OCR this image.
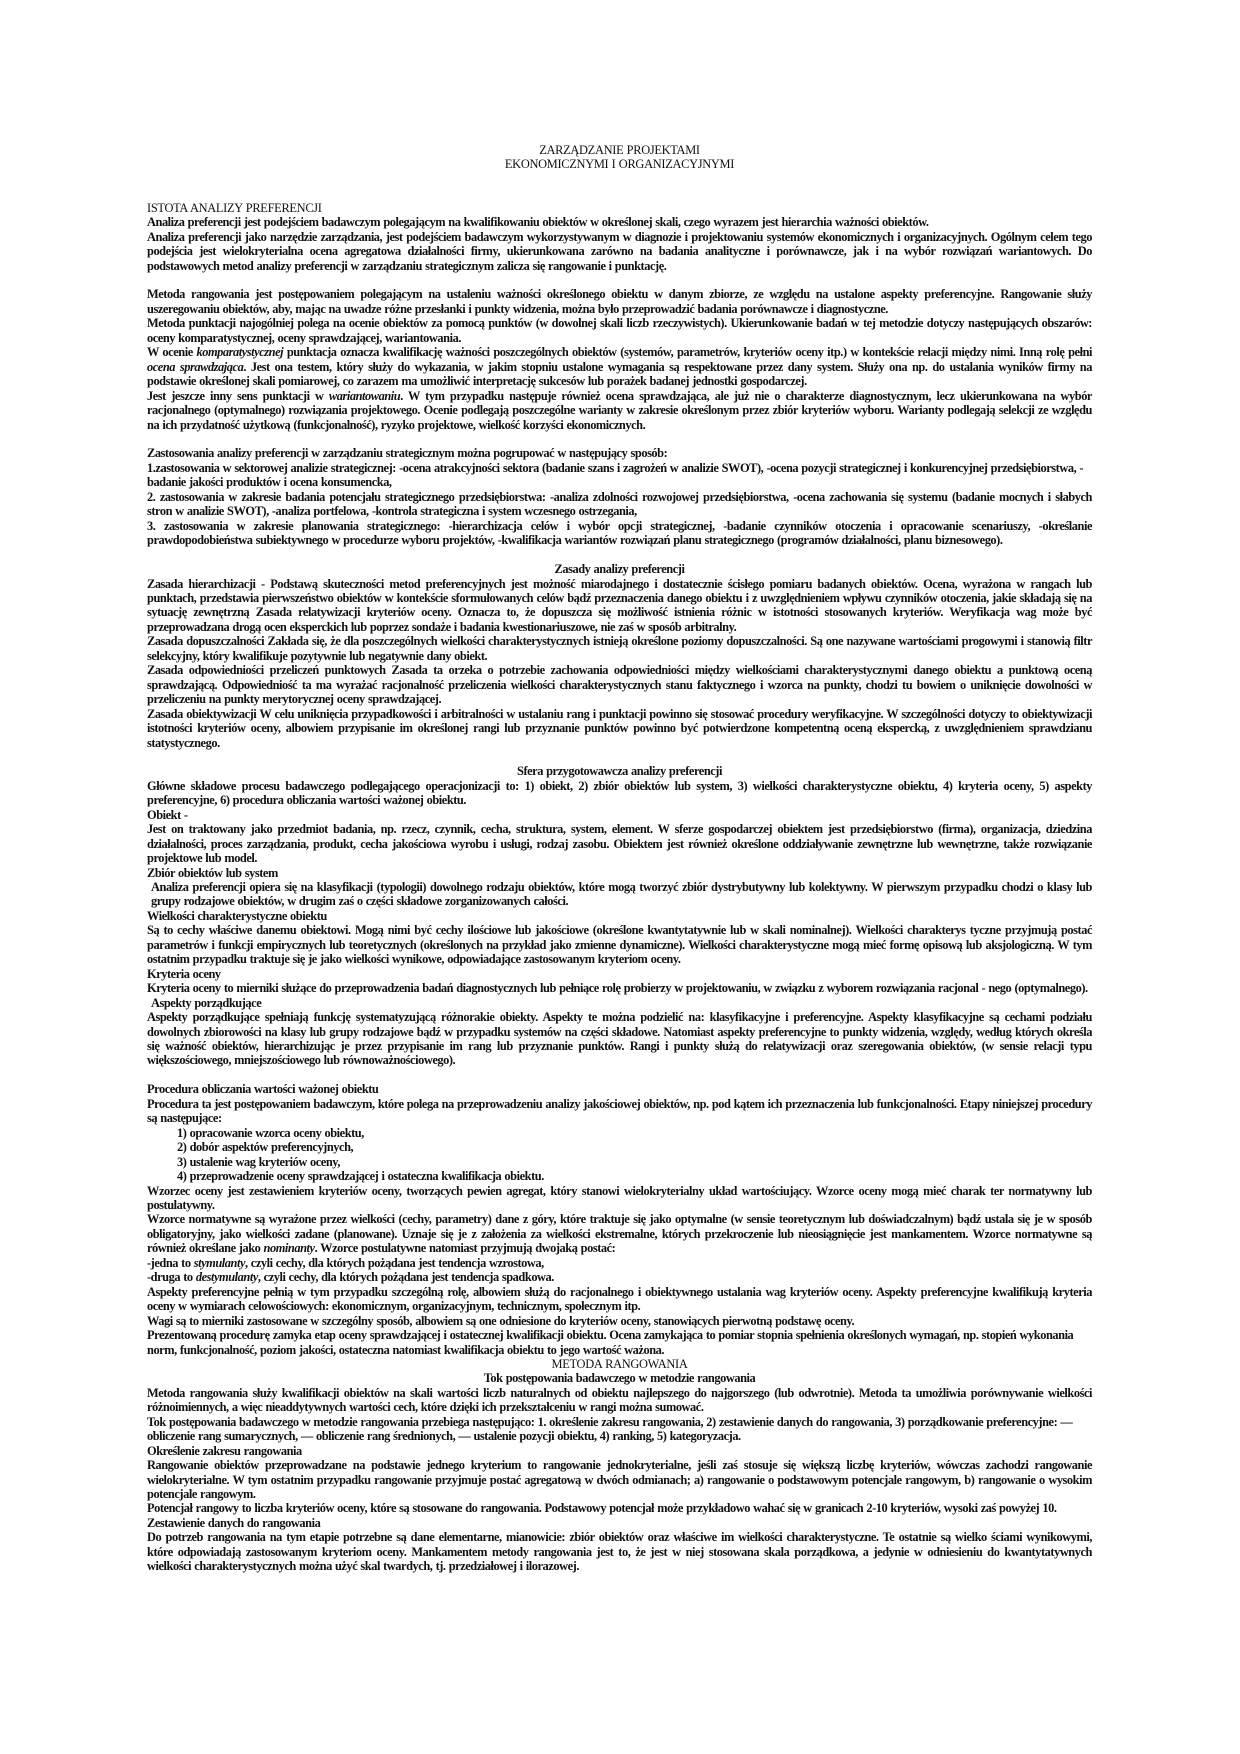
ZARZĄDZANIE PROJEKTAMI
EKONOMICZNYMI I ORGANIZACYJNYMI

ISTOTA ANALIZY PREFERENCJI

Analiza preferencji jest podejściem badawczym polegającym na kwalifikowaniu obiektów w określonej skali, czego wyrazem jest hierarchia ważności obiektów.

Analiza preferencji jako narzędzie zarządzania, jest podejściem badawczym wykorzystywanym w diagnozie i projektowaniu systemów ekonomicznych i organizacyjnych. Ogólnym celem tego podejścia jest wielokryterialna ocena agregatowa działalności firmy, ukierunkowana zarówno na badania analityczne i porównawcze, jak i na wybór rozwiązań wariantowych. Do podstawowych metod analizy preferencji w zarządzaniu strategicznym zalicza się rangowanie i punktację.

Metoda rangowania jest postępowaniem polegającym na ustaleniu ważności określonego obiektu w danym zbiorze, ze względu na ustalone aspekty preferencyjne. Rangowanie służy uszeregowaniu obiektów, aby, mając na uwadze różne przesłanki i punkty widzenia, można było przeprowadzić badania porównawcze i diagnostyczne.

Metoda punktacji najogólniej polega na ocenie obiektów za pomocą punktów (w dowolnej skali liczb rzeczywistych). Ukierunkowanie badań w tej metodzie dotyczy następujących obszarów: oceny komparatystycznej, oceny sprawdzającej, wariantowania.

W ocenie komparatystycznej punktacja oznacza kwalifikację ważności poszczególnych obiektów (systemów, parametrów, kryteriów oceny itp.) w kontekście relacji między nimi. Inną rolę pełni ocena sprawdzająca. Jest ona testem, który służy do wykazania, w jakim stopniu ustalone wymagania są respektowane przez dany system. Służy ona np. do ustalania wyników firmy na podstawie określonej skali pomiarowej, co zarazem ma umożliwić interpretację sukcesów lub porażek badanej jednostki gospodarczej.

Jest jeszcze inny sens punktacji w wariantowaniu. W tym przypadku następuje również ocena sprawdzająca, ale już nie o charakterze diagnostycznym, lecz ukierunkowana na wybór racjonalnego (optymalnego) rozwiązania projektowego. Ocenie podlegają poszczególne warianty w zakresie określonym przez zbiór kryteriów wyboru. Warianty podlegają selekcji ze względu na ich przydatność użytkową (funkcjonalność), ryzyko projektowe, wielkość korzyści ekonomicznych.

Zastosowania analizy preferencji w zarządzaniu strategicznym można pogrupować w następujący sposób:

1.zastosowania w sektorowej analizie strategicznej: -ocena atrakcyjności sektora (badanie szans i zagrożeń w analizie SWOT), -ocena pozycji strategicznej i konkurencyjnej przedsiębiorstwa, -badanie jakości produktów i ocena konsumencka,

2. zastosowania w zakresie badania potencjału strategicznego przedsiębiorstwa: -analiza zdolności rozwojowej przedsiębiorstwa, -ocena zachowania się systemu (badanie mocnych i słabych stron w analizie SWOT), -analiza portfelowa, -kontrola strategiczna i system wczesnego ostrzegania,

3. zastosowania w zakresie planowania strategicznego: -hierarchizacja celów i wybór opcji strategicznej, -badanie czynników otoczenia i opracowanie scenariuszy, -określanie prawdopodobieństwa subiektywnego w procedurze wyboru projektów, -kwalifikacja wariantów rozwiązań planu strategicznego (programów działalności, planu biznesowego).

Zasady analizy preferencji

Zasada hierarchizacji - Podstawą skuteczności metod preferencyjnych jest możność miarodajnego i dostatecznie ścisłego pomiaru badanych obiektów. Ocena, wyrażona w rangach lub punktach, przedstawia pierwszeństwo obiektów w kontekście sformułowanych celów bądź przeznaczenia danego obiektu i z uwzględnieniem wpływu czynników otoczenia, jakie składają się na sytuację zewnętrzną Zasada relatywizacji kryteriów oceny. Oznacza to, że dopuszcza się możliwość istnienia różnic w istotności stosowanych kryteriów. Weryfikacja wag może być przeprowadzana drogą ocen eksperckich lub poprzez sondaże i badania kwestionariuszowe, nie zaś w sposób arbitralny.

Zasada dopuszczalności Zakłada się, że dla poszczególnych wielkości charakterystycznych istnieją określone poziomy dopuszczalności. Są one nazywane wartościami progowymi i stanowią filtr selekcyjny, który kwalifikuje pozytywnie lub negatywnie dany obiekt.

Zasada odpowiedniości przeliczeń punktowych Zasada ta orzeka o potrzebie zachowania odpowiedniości między wielkościami charakterystycznymi danego obiektu a punktową oceną sprawdzającą. Odpowiedniość ta ma wyrażać racjonalność przeliczenia wielkości charakterystycznych stanu faktycznego i wzorca na punkty, chodzi tu bowiem o uniknięcie dowolności w przeliczeniu na punkty merytorycznej oceny sprawdzającej.

Zasada obiektywizacji W celu uniknięcia przypadkowości i arbitralności w ustalaniu rang i punktacji powinno się stosować procedury weryfikacyjne. W szczególności dotyczy to obiektywizacji istotności kryteriów oceny, albowiem przypisanie im określonej rangi lub przyznanie punktów powinno być potwierdzone kompetentną oceną ekspercką, z uwzględnieniem sprawdzianu statystycznego.

Sfera przygotowawcza analizy preferencji

Główne składowe procesu badawczego podlegającego operacjonizacji to: 1) obiekt, 2) zbiór obiektów lub system, 3) wielkości charakterystyczne obiektu, 4) kryteria oceny, 5) aspekty preferencyjne, 6) procedura obliczania wartości ważonej obiektu.

Obiekt -

Jest on traktowany jako przedmiot badania, np. rzecz, czynnik, cecha, struktura, system, element. W sferze gospodarczej obiektem jest przedsiębiorstwo (firma), organizacja, dziedzina działalności, proces zarządzania, produkt, cecha jakościowa wyrobu i usługi, rodzaj zasobu. Obiektem jest również określone oddziaływanie zewnętrzne lub wewnętrzne, także rozwiązanie projektowe lub model.

Zbiór obiektów lub system

Analiza preferencji opiera się na klasyfikacji (typologii) dowolnego rodzaju obiektów, które mogą tworzyć zbiór dystrybutywny lub kolektywny. W pierwszym przypadku chodzi o klasy lub grupy rodzajowe obiektów, w drugim zaś o części składowe zorganizowanych całości.

Wielkości charakterystyczne obiektu

Są to cechy właściwe danemu obiektowi. Mogą nimi być cechy ilościowe lub jakościowe (określone kwantytatywnie lub w skali nominalnej). Wielkości charakterys tyczne przyjmują postać parametrów i funkcji empirycznych lub teoretycznych (określonych na przykład jako zmienne dynamiczne). Wielkości charakterystyczne mogą mieć formę opisową lub aksjologiczną. W tym ostatnim przypadku traktuje się je jako wielkości wynikowe, odpowiadające zastosowanym kryteriom oceny.

Kryteria oceny

Kryteria oceny to mierniki służące do przeprowadzenia badań diagnostycznych lub pełniące rolę probierzy w projektowaniu, w związku z wyborem rozwiązania racjonal - nego (optymalnego).

Aspekty porządkujące

Aspekty porządkujące spełniają funkcję systematyzującą różnorakie obiekty. Aspekty te można podzielić na: klasyfikacyjne i preferencyjne. Aspekty klasyfikacyjne są cechami podziału dowolnych zbiorowości na klasy lub grupy rodzajowe bądź w przypadku systemów na części składowe. Natomiast aspekty preferencyjne to punkty widzenia, względy, według których określa się ważność obiektów, hierarchizując je przez przypisanie im rang lub przyznanie punktów. Rangi i punkty służą do relatywizacji oraz szeregowania obiektów, (w sensie relacji typu większościowego, mniejszościowego lub równoważnościowego).

Procedura obliczania wartości ważonej obiektu

Procedura ta jest postępowaniem badawczym, które polega na przeprowadzeniu analizy jakościowej obiektów, np. pod kątem ich przeznaczenia lub funkcjonalności. Etapy niniejszej procedury są następujące:

1) opracowanie wzorca oceny obiektu,

2) dobór aspektów preferencyjnych,

3) ustalenie wag kryteriów oceny,

4) przeprowadzenie oceny sprawdzającej i ostateczna kwalifikacja obiektu.

Wzorzec oceny jest zestawieniem kryteriów oceny, tworzących pewien agregat, który stanowi wielokryterialny układ wartościujący. Wzorce oceny mogą mieć charak ter normatywny lub postulatywny.

Wzorce normatywne są wyrażone przez wielkości (cechy, parametry) dane z góry, które traktuje się jako optymalne (w sensie teoretycznym lub doświadczalnym) bądź ustala się je w sposób obligatoryjny, jako wielkości zadane (planowane). Uznaje się je z założenia za wielkości ekstremalne, których przekroczenie lub nieosiągnięcie jest mankamentem. Wzorce normatywne są również określane jako nominanty. Wzorce postulatywne natomiast przyjmują dwojaką postać:

-jedna to stymulanty, czyli cechy, dla których pożądana jest tendencja wzrostowa,

-druga to destymulanty, czyli cechy, dla których pożądana jest tendencja spadkowa.

Aspekty preferencyjne pełnią w tym przypadku szczególną rolę, albowiem służą do racjonalnego i obiektywnego ustalania wag kryteriów oceny. Aspekty preferencyjne kwalifikują kryteria oceny w wymiarach celowościowych: ekonomicznym, organizacyjnym, technicznym, społecznym itp.

Wagi są to mierniki zastosowane w szczególny sposób, albowiem są one odniesione do kryteriów oceny, stanowiących pierwotną podstawę oceny.

Prezentowaną procedurę zamyka etap oceny sprawdzającej i ostatecznej kwalifikacji obiektu. Ocena zamykająca to pomiar stopnia spełnienia określonych wymagań, np. stopień wykonania norm, funkcjonalność, poziom jakości, ostateczna natomiast kwalifikacja obiektu to jego wartość ważona.

METODA RANGOWANIA

Tok postępowania badawczego w metodzie rangowania

Metoda rangowania służy kwalifikacji obiektów na skali wartości liczb naturalnych od obiektu najlepszego do najgorszego (lub odwrotnie). Metoda ta umożliwia porównywanie wielkości różnoimiennych, a więc nieaddytywnych wartości cech, które dzięki ich przekształceniu w rangi można sumować.

Tok postępowania badawczego w metodzie rangowania przebiega następująco: 1. określenie zakresu rangowania, 2) zestawienie danych do rangowania, 3) porządkowanie preferencyjne: — obliczenie rang sumarycznych, — obliczenie rang średnionych, — ustalenie pozycji obiektu, 4) ranking, 5) kategoryzacja.

Określenie zakresu rangowania

Rangowanie obiektów przeprowadzane na podstawie jednego kryterium to rangowanie jednokryterialne, jeśli zaś stosuje się większą liczbę kryteriów, wówczas zachodzi rangowanie wielokryterialne. W tym ostatnim przypadku rangowanie przyjmuje postać agregatową w dwóch odmianach; a) rangowanie o podstawowym potencjale rangowym, b) rangowanie o wysokim potencjale rangowym.

Potencjał rangowy to liczba kryteriów oceny, które są stosowane do rangowania. Podstawowy potencjał może przykładowo wahać się w granicach 2-10 kryteriów, wysoki zaś powyżej 10.

Zestawienie danych do rangowania

Do potrzeb rangowania na tym etapie potrzebne są dane elementarne, mianowicie: zbiór obiektów oraz właściwe im wielkości charakterystyczne. Te ostatnie są wielko ściami wynikowymi, które odpowiadają zastosowanym kryteriom oceny. Mankamentem metody rangowania jest to, że jest w niej stosowana skala porządkowa, a jedynie w odniesieniu do kwantytatywnych wielkości charakterystycznych można użyć skal twardych, tj. przedziałowej i ilorazowej.
